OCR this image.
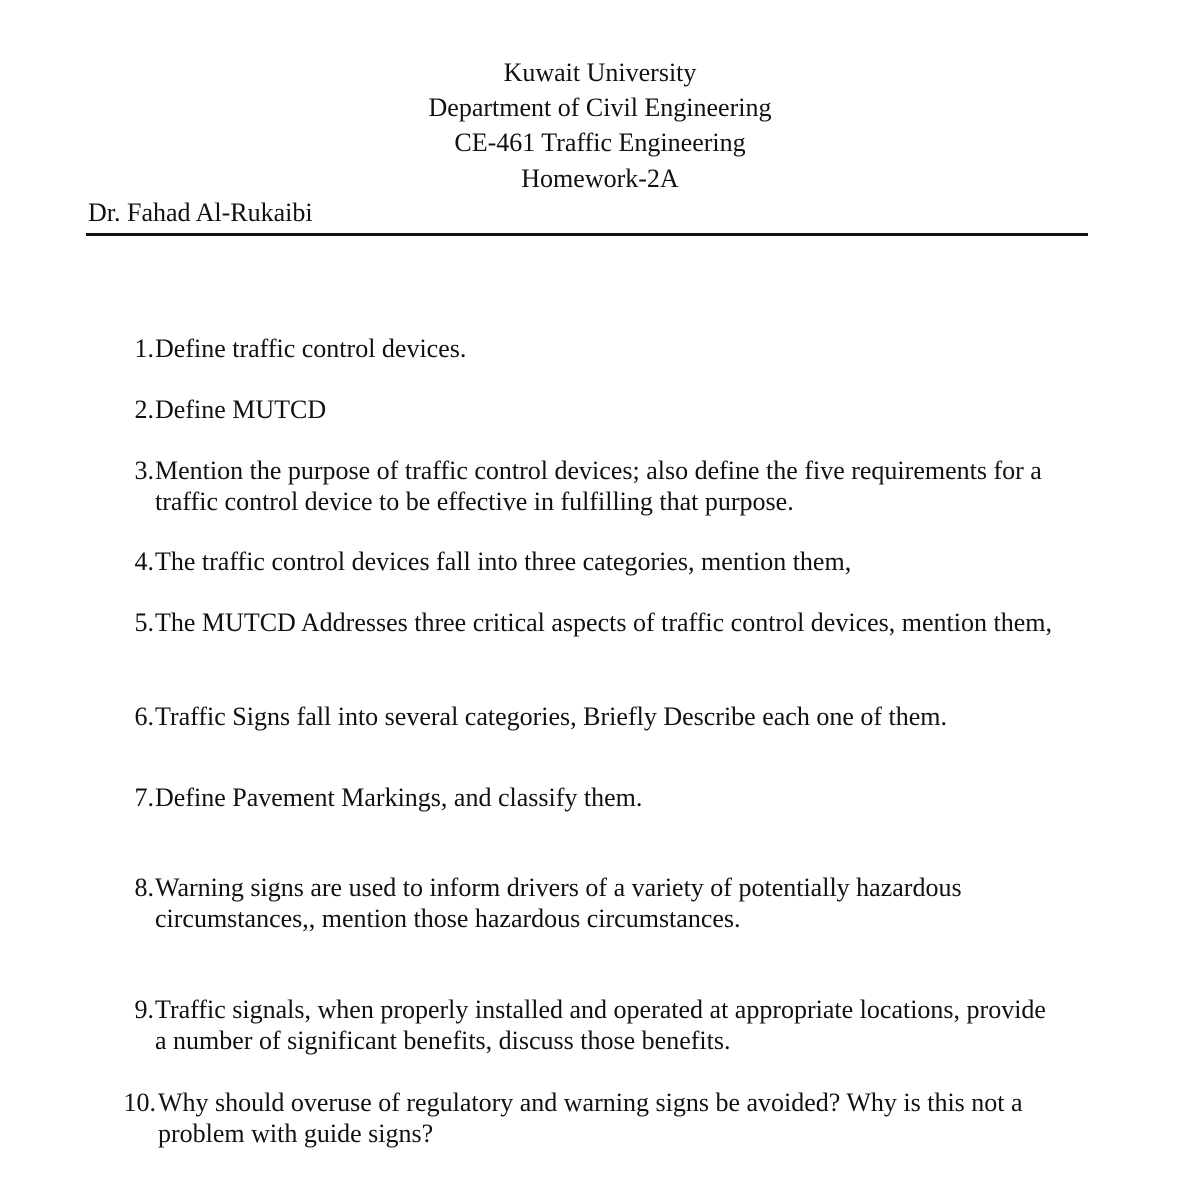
Kuwait University
Department of Civil Engineering
CE-461 Traffic Engineering
Homework-2A
Dr. Fahad Al-Rukaibi
1. Define traffic control devices.
2. Define MUTCD
3. Mention the purpose of traffic control devices; also define the five requirements for a
traffic control device to be effective in fulfilling that purpose.
4. The traffic control devices fall into three categories, mention them,
5. The MUTCD Addresses three critical aspects of traffic control devices, mention them,
6. Traffic Signs fall into several categories, Briefly Describe each one of them.
7. Define Pavement Markings, and classify them.
8. Warning signs are used to inform drivers of a variety of potentially hazardous
circumstances,, mention those hazardous circumstances.
9. Traffic signals, when properly installed and operated at appropriate locations, provide
a number of significant benefits, discuss those benefits.
10. Why should overuse of regulatory and warning signs be avoided? Why is this not a
problem with guide signs?
